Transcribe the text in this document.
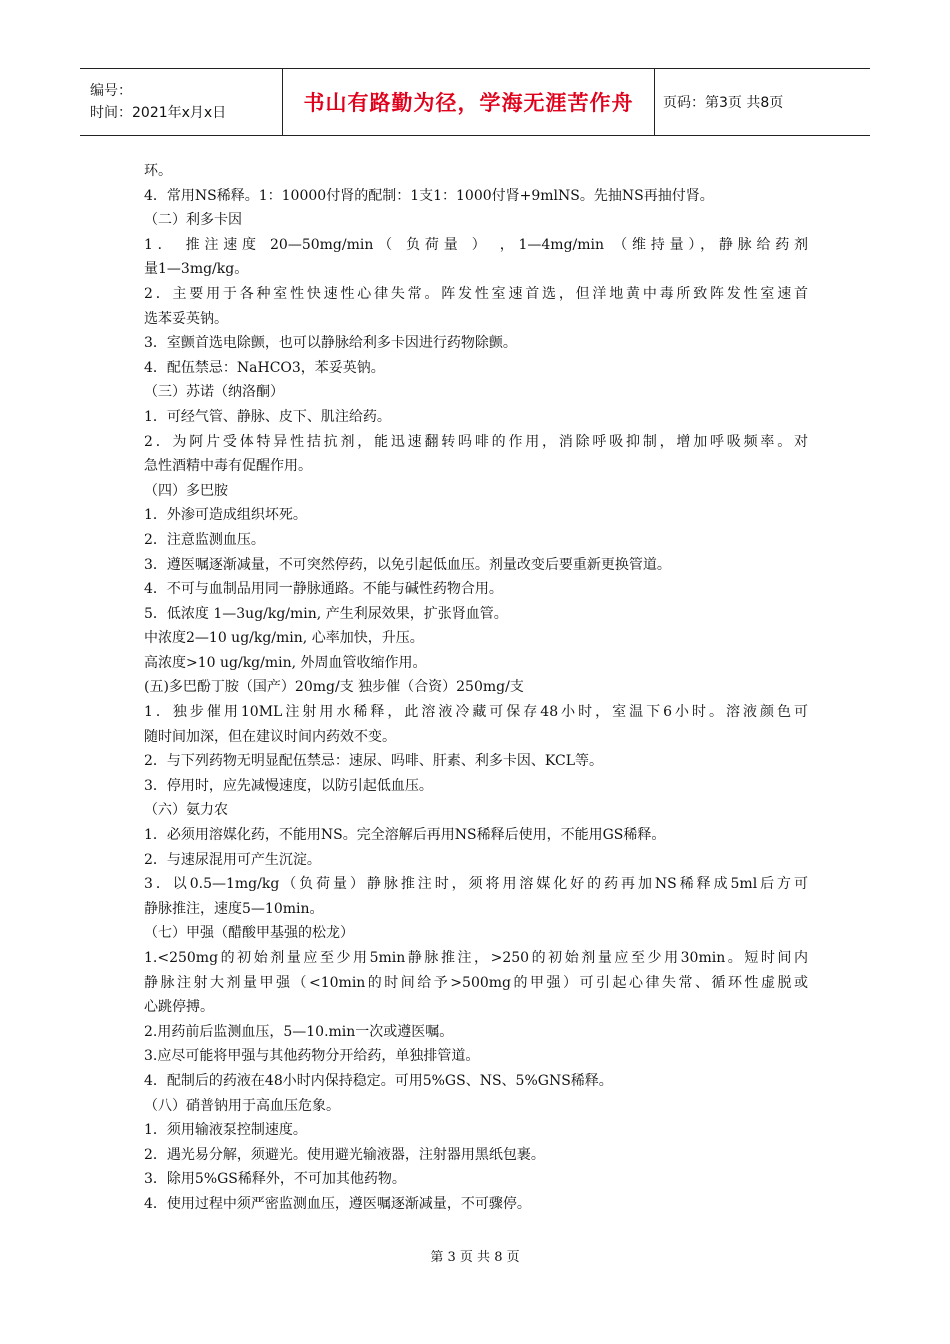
编号：
时间：2021年x月x日	书山有路勤为径，学海无涯苦作舟 页码：第3页 共8页
环。
4．常用NS稀释。1：10000付肾的配制：1支1：1000付肾+9mlNS。先抽NS再抽付肾。
（二）利多卡因
1． 推注速度 20—50mg/min（ 负荷量 ） ，1—4mg/min （维持量），静脉给药剂
量1—3mg/kg。
2．主要用于各种室性快速性心律失常。阵发性室速首选，但洋地黄中毒所致阵发性室速首
选苯妥英钠。
3．室颤首选电除颤，也可以静脉给利多卡因进行药物除颤。
4．配伍禁忌：NaHCO3，苯妥英钠。
（三）苏诺（纳洛酮）
1．可经气管、静脉、皮下、肌注给药。
2．为阿片受体特异性拮抗剂，能迅速翻转吗啡的作用，消除呼吸抑制，增加呼吸频率。对
急性酒精中毒有促醒作用。
（四）多巴胺
1．外渗可造成组织坏死。
2．注意监测血压。
3．遵医嘱逐渐减量，不可突然停药，以免引起低血压。剂量改变后要重新更换管道。
4．不可与血制品用同一静脉通路。不能与碱性药物合用。
5．低浓度 1—3ug/kg/min, 产生利尿效果，扩张肾血管。
中浓度2—10 ug/kg/min, 心率加快，升压。
高浓度>10 ug/kg/min, 外周血管收缩作用。
(五)多巴酚丁胺（国产）20mg/支 独步催（合资）250mg/支
1．独步催用10ML注射用水稀释，此溶液冷藏可保存48小时，室温下6小时。溶液颜色可
随时间加深，但在建议时间内药效不变。
2．与下列药物无明显配伍禁忌：速尿、吗啡、肝素、利多卡因、KCL等。
3．停用时，应先减慢速度，以防引起低血压。
（六）氨力农
1．必须用溶媒化药，不能用NS。完全溶解后再用NS稀释后使用，不能用GS稀释。
2．与速尿混用可产生沉淀。
3．以0.5—1mg/kg（负荷量）静脉推注时，须将用溶媒化好的药再加NS稀释成5ml后方可
静脉推注，速度5—10min。
（七）甲强（醋酸甲基强的松龙）
1.<250mg的初始剂量应至少用5min静脉推注，>250的初始剂量应至少用30min。短时间内
静脉注射大剂量甲强（<10min的时间给予>500mg的甲强）可引起心律失常、循环性虚脱或
心跳停搏。
2.用药前后监测血压，5—10.min一次或遵医嘱。
3.应尽可能将甲强与其他药物分开给药，单独排管道。
4．配制后的药液在48小时内保持稳定。可用5%GS、NS、5%GNS稀释。
（八）硝普钠用于高血压危象。
1．须用输液泵控制速度。
2．遇光易分解，须避光。使用避光输液器，注射器用黑纸包裹。
3．除用5%GS稀释外，不可加其他药物。
4．使用过程中须严密监测血压，遵医嘱逐渐减量，不可骤停。
第 3 页 共 8 页
